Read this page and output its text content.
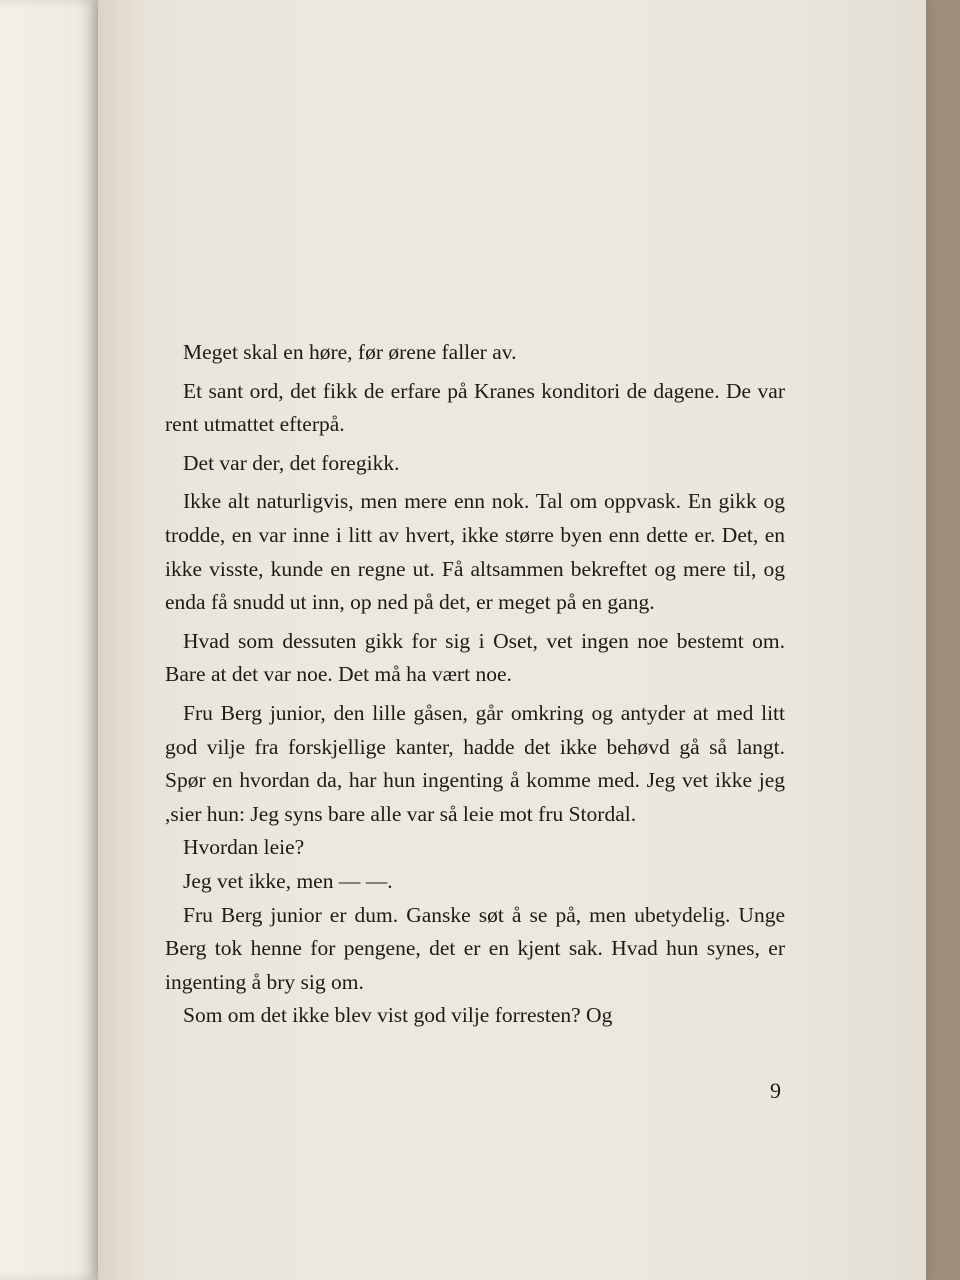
Meget skal en høre, før ørene faller av.

Et sant ord, det fikk de erfare på Kranes konditori de dagene. De var rent utmattet efterpå.

Det var der, det foregikk.

Ikke alt naturligvis, men mere enn nok. Tal om oppvask. En gikk og trodde, en var inne i litt av hvert, ikke større byen enn dette er. Det, en ikke visste, kunde en regne ut. Få altsammen bekreftet og mere til, og enda få snudd ut inn, op ned på det, er meget på en gang.

Hvad som dessuten gikk for sig i Oset, vet ingen noe bestemt om. Bare at det var noe. Det må ha vært noe.

Fru Berg junior, den lille gåsen, går omkring og antyder at med litt god vilje fra forskjellige kanter, hadde det ikke behøvd gå så langt. Spør en hvordan da, har hun ingenting å komme med. Jeg vet ikke jeg ,sier hun: Jeg syns bare alle var så leie mot fru Stordal.

Hvordan leie?

Jeg vet ikke, men — —.

Fru Berg junior er dum. Ganske søt å se på, men ubetydelig. Unge Berg tok henne for pengene, det er en kjent sak. Hvad hun synes, er ingenting å bry sig om.

Som om det ikke blev vist god vilje forresten? Og

9
